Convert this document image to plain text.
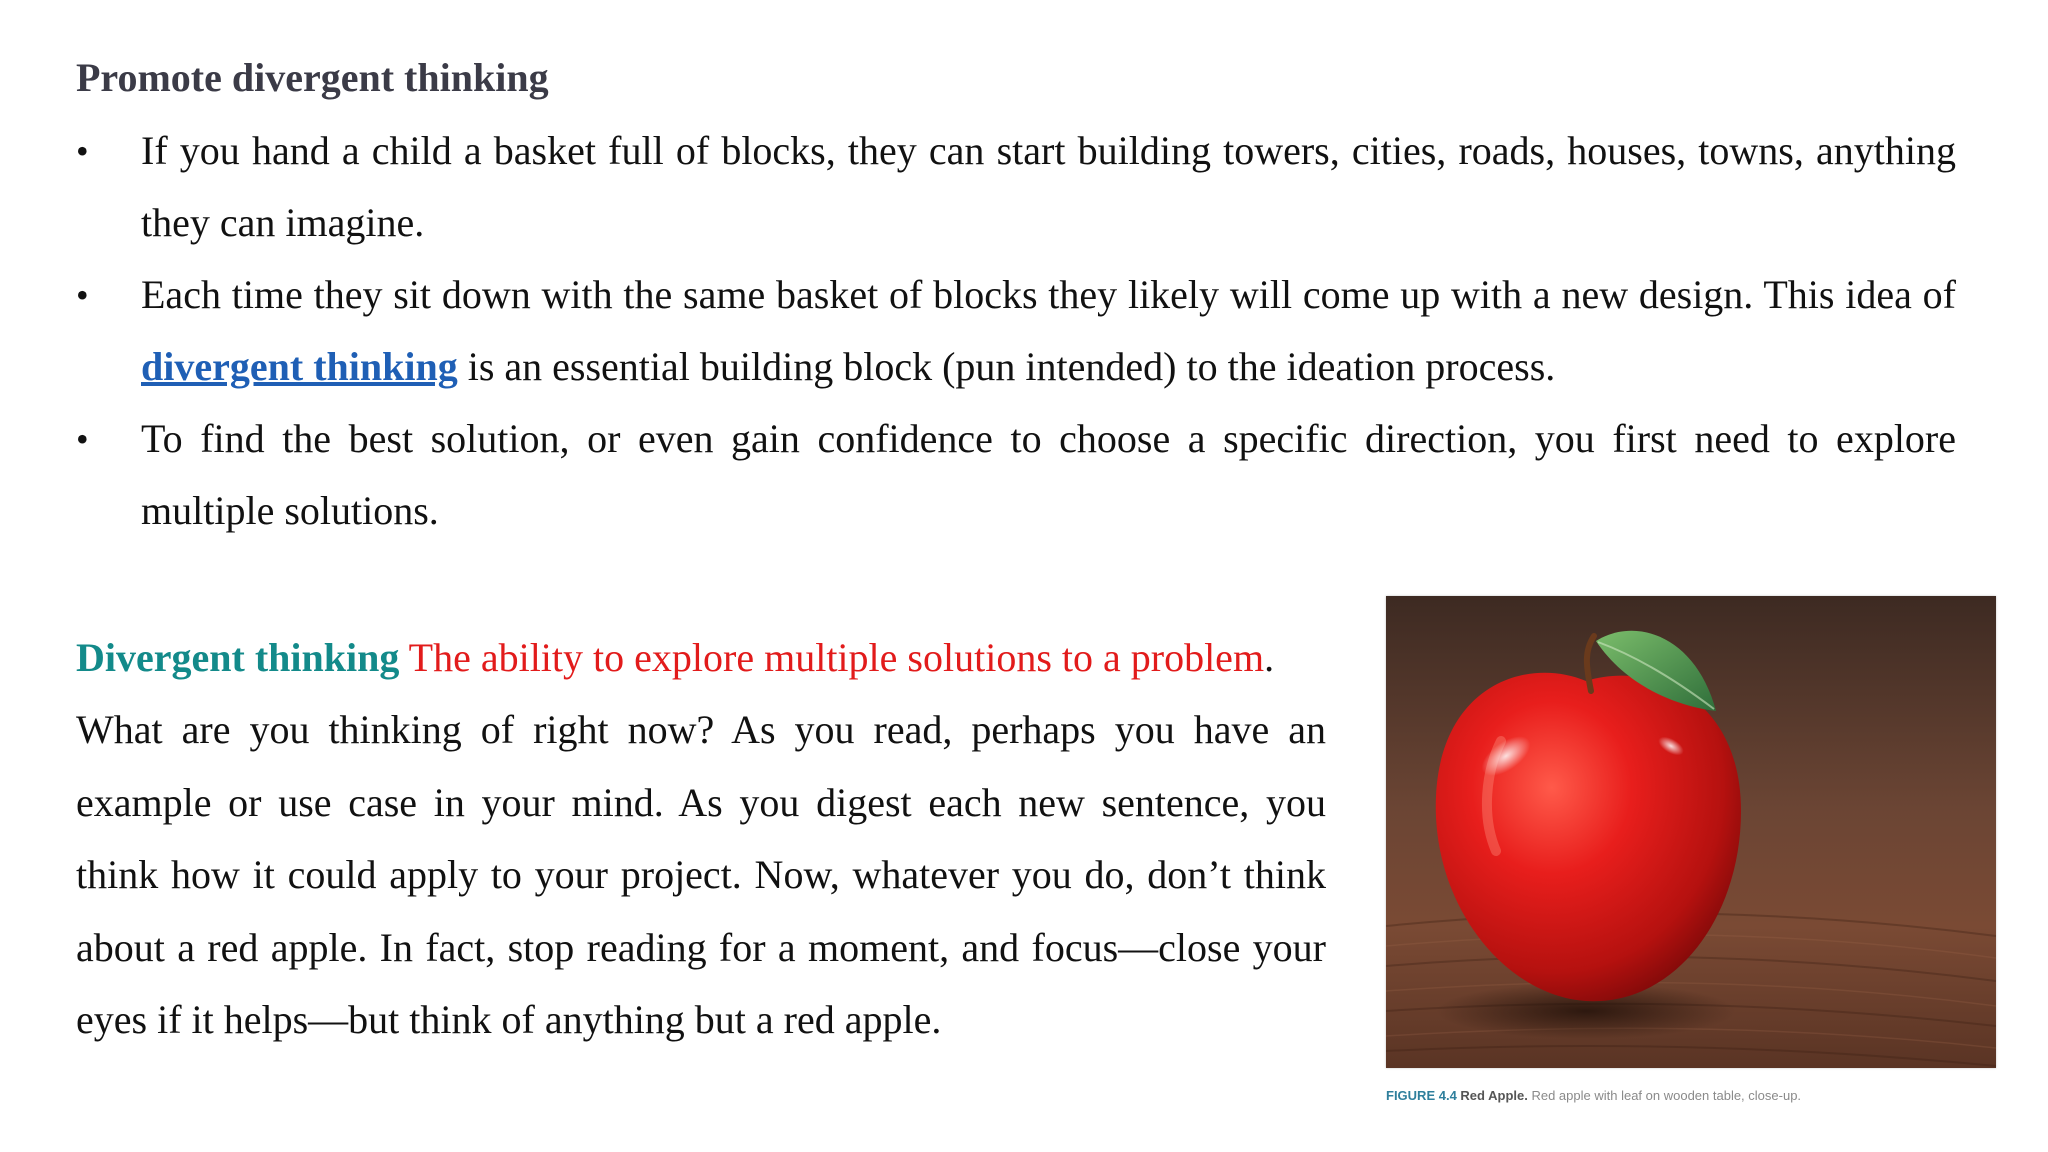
Promote divergent thinking
• If you hand a child a basket full of blocks, they can start building towers, cities, roads, houses, towns, anything they can imagine.
• Each time they sit down with the same basket of blocks they likely will come up with a new design. This idea of divergent thinking is an essential building block (pun intended) to the ideation process.
• To find the best solution, or even gain confidence to choose a specific direction, you first need to explore multiple solutions.
Divergent thinking The ability to explore multiple solutions to a problem.
What are you thinking of right now? As you read, perhaps you have an example or use case in your mind. As you digest each new sentence, you think how it could apply to your project. Now, whatever you do, don’t think about a red apple. In fact, stop reading for a moment, and focus—close your eyes if it helps—but think of anything but a red apple.
FIGURE 4.4 Red Apple. Red apple with leaf on wooden table, close-up.
